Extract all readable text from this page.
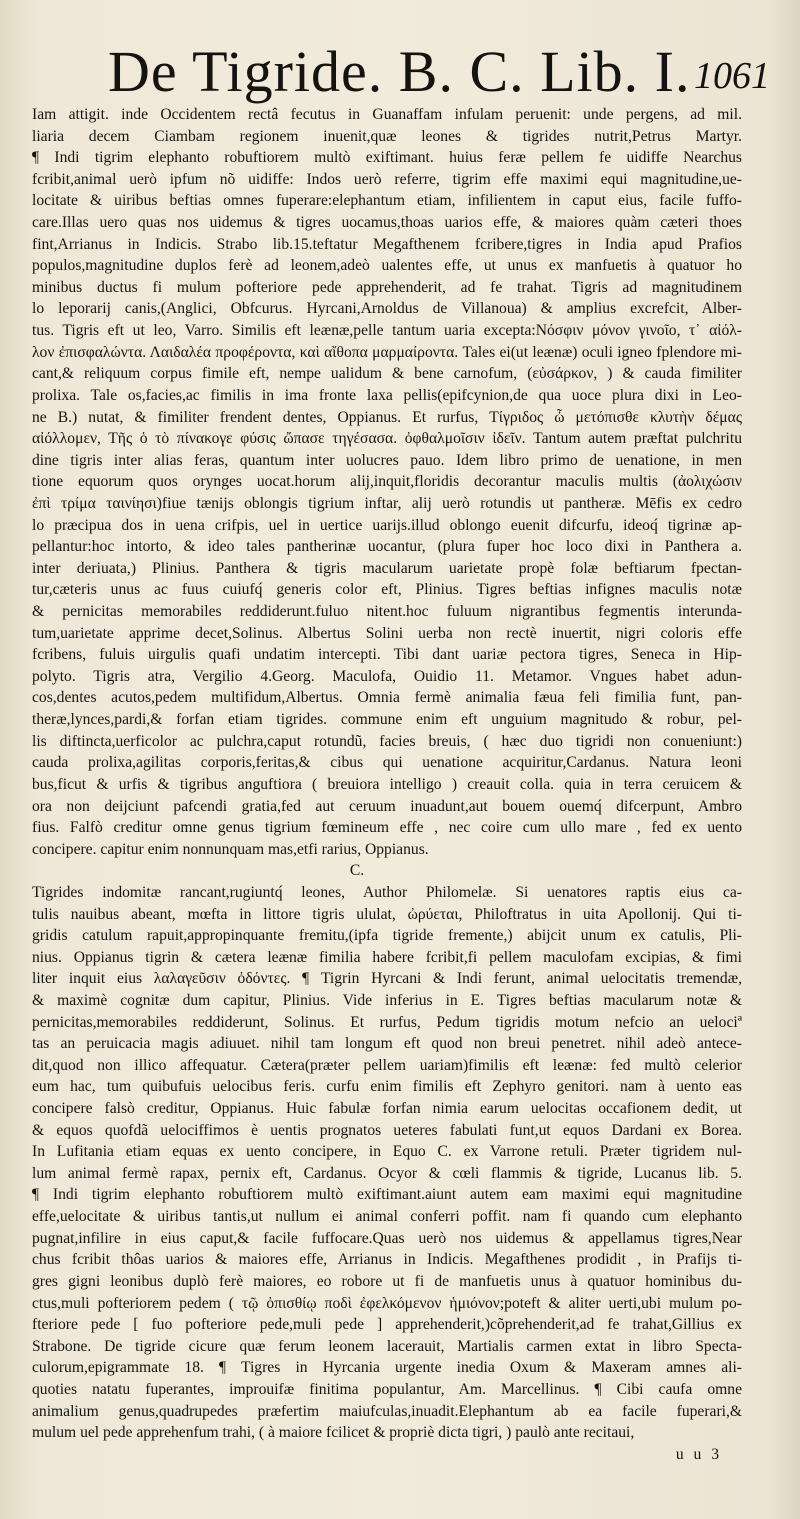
De Tigride. B. C. Lib. I. 1061
Iam attigit. inde Occidentem rectâ fecutus in Guanaffam infulam peruenit: unde pergens, ad mil.
liaria decem Ciambam regionem inuenit,quæ leones & tigrides nutrit,Petrus Martyr.
¶ Indi tigrim elephanto robuftiorem multò exiftimant. huius feræ pellem fe uidiffe Nearchus
fcribit,animal uerò ipfum nõ uidiffe: Indos uerò referre, tigrim effe maximi equi magnitudine,ue-
locitate & uiribus beftias omnes fuperare:elephantum etiam, infilientem in caput eius, facile fuffo-
care.Illas uero quas nos uidemus & tigres uocamus,thoas uarios effe, & maiores quàm cæteri thoes
fint,Arrianus in Indicis. Strabo lib.15.teftatur Megafthenem fcribere,tigres in India apud Prafios
populos,magnitudine duplos ferè ad leonem,adeò ualentes effe, ut unus ex manfuetis à quatuor ho
minibus ductus fi mulum pofteriore pede apprehenderit, ad fe trahat. Tigris ad magnitudinem
lo leporarij canis,(Anglici, Obfcurus. Hyrcani,Arnoldus de Villanoua) & amplius excrefcit, Alber-
tus. Tigris eft ut leo, Varro. Similis eft leænæ,pelle tantum uaria excepta:Νόσφιν μόνον γινοῖο, τ᾽ αἰόλ-
λον ἐπισφαλώντα. Λαιδαλέα προφέροντα, καὶ αἴθοπα μαρμαίροντα. Tales ei(ut leænæ) oculi igneo fplendore mi-
cant,& reliquum corpus fimile eft, nempe ualidum & bene carnofum, (εὐσάρκον, ) & cauda fimiliter
prolixa. Tale os,facies,ac fimilis in ima fronte laxa pellis(epifcynion,de qua uoce plura dixi in Leo-
ne B.) nutat, & fimiliter frendent dentes, Oppianus. Et rurfus, Τίγριδος ὦ μετόπισθε κλυτὴν δέμας
αἰόλλομεν, Τῆς ὁ τὸ πίνακογε φύσις ὤπασε τηγέσασα. ὀφθαλμοῖσιν ἰδεῖν. Tantum autem præftat pulchritu
dine tigris inter alias feras, quantum inter uolucres pauo. Idem libro primo de uenatione, in men
tione equorum quos orynges uocat.horum alij,inquit,floridis decorantur maculis multis (ἀολιχώσιν
ἐπὶ τρίμα ταινίησι)fiue tænijs oblongis tigrium inftar, alij uerò rotundis ut pantheræ. Mēfis ex cedro
lo præcipua dos in uena crifpis, uel in uertice uarijs.illud oblongo euenit difcurfu, ideoq́ tigrinæ ap-
pellantur:hoc intorto, & ideo tales pantherinæ uocantur, (plura fuper hoc loco dixi in Panthera a.
inter deriuata,) Plinius. Panthera & tigris macularum uarietate propè folæ beftiarum fpectan-
tur,cæteris unus ac fuus cuiufq́ generis color eft, Plinius. Tigres beftias infignes maculis notæ
& pernicitas memorabiles reddiderunt.fuluo nitent.hoc fuluum nigrantibus fegmentis interunda-
tum,uarietate apprime decet,Solinus. Albertus Solini uerba non rectè inuertit, nigri coloris effe
fcribens, fuluis uirgulis quafi undatim intercepti. Tibi dant uariæ pectora tigres, Seneca in Hip-
polyto. Tigris atra, Vergilio 4.Georg. Maculofa, Ouidio 11. Metamor. Vngues habet adun-
cos,dentes acutos,pedem multifidum,Albertus. Omnia fermè animalia fæua feli fimilia funt, pan-
theræ,lynces,pardi,& forfan etiam tigrides. commune enim eft unguium magnitudo & robur, pel-
lis diftincta,uerficolor ac pulchra,caput rotundũ, facies breuis, ( hæc duo tigridi non conueniunt:)
cauda prolixa,agilitas corporis,feritas,& cibus qui uenatione acquiritur,Cardanus. Natura leoni
bus,ficut & urfis & tigribus anguftiora ( breuiora intelligo ) creauit colla. quia in terra ceruicem &
ora non deijciunt pafcendi gratia,fed aut ceruum inuadunt,aut bouem ouemq́ difcerpunt, Ambro
fius. Falfò creditur omne genus tigrium fœmineum effe , nec coire cum ullo mare , fed ex uento
concipere. capitur enim nonnunquam mas,etfi rarius, Oppianus.
C.
Tigrides indomitæ rancant,rugiuntq́ leones, Author Philomelæ. Si uenatores raptis eius ca-
tulis nauibus abeant, mœfta in littore tigris ululat, ὠρύεται, Philoftratus in uita Apollonij. Qui ti-
gridis catulum rapuit,appropinquante fremitu,(ipfa tigride fremente,) abijcit unum ex catulis, Pli-
nius. Oppianus tigrin & cætera leænæ fimilia habere fcribit,fi pellem maculofam excipias, & fimi
liter inquit eius λαλαγεῦσιν ὀδόντες. ¶ Tigrin Hyrcani & Indi ferunt, animal uelocitatis tremendæ,
& maximè cognitæ dum capitur, Plinius. Vide inferius in E. Tigres beftias macularum notæ &
pernicitas,memorabiles reddiderunt, Solinus. Et rurfus, Pedum tigridis motum nefcio an uelociª
tas an peruicacia magis adiuuet. nihil tam longum eft quod non breui penetret. nihil adeò antece-
dit,quod non illico affequatur. Cætera(præter pellem uariam)fimilis eft leænæ: fed multò celerior
eum hac, tum quibufuis uelocibus feris. curfu enim fimilis eft Zephyro genitori. nam à uento eas
concipere falsò creditur, Oppianus. Huic fabulæ forfan nimia earum uelocitas occafionem dedit, ut
& equos quofdã uelociffimos è uentis prognatos ueteres fabulati funt,ut equos Dardani ex Borea.
In Lufitania etiam equas ex uento concipere, in Equo C. ex Varrone retuli. Præter tigridem nul-
lum animal fermè rapax, pernix eft, Cardanus. Ocyor & cœli flammis & tigride, Lucanus lib. 5.
¶ Indi tigrim elephanto robuftiorem multò exiftimant.aiunt autem eam maximi equi magnitudine
effe,uelocitate & uiribus tantis,ut nullum ei animal conferri poffit. nam fi quando cum elephanto
pugnat,infilire in eius caput,& facile fuffocare.Quas uerò nos uidemus & appellamus tigres,Near
chus fcribit thôas uarios & maiores effe, Arrianus in Indicis. Megafthenes prodidit , in Prafijs ti-
gres gigni leonibus duplò ferè maiores, eo robore ut fi de manfuetis unus à quatuor hominibus du-
ctus,muli pofteriorem pedem ( τῷ ὀπισθίῳ ποδὶ ἐφελκόμενον ἡμιόνον;poteft & aliter uerti,ubi mulum po-
fteriore pede [ fuo pofteriore pede,muli pede ] apprehenderit,)cõprehenderit,ad fe trahat,Gillius ex
Strabone. De tigride cicure quæ ferum leonem lacerauit, Martialis carmen extat in libro Specta-
culorum,epigrammate 18. ¶ Tigres in Hyrcania urgente inedia Oxum & Maxeram amnes ali-
quoties natatu fuperantes, improuifæ finitima populantur, Am. Marcellinus. ¶ Cibi caufa omne
animalium genus,quadrupedes præfertim maiufculas,inuadit.Elephantum ab ea facile fuperari,&
mulum uel pede apprehenfum trahi, ( à maiore fcilicet & propriè dicta tigri, ) paulò ante recitaui,
u u 3
